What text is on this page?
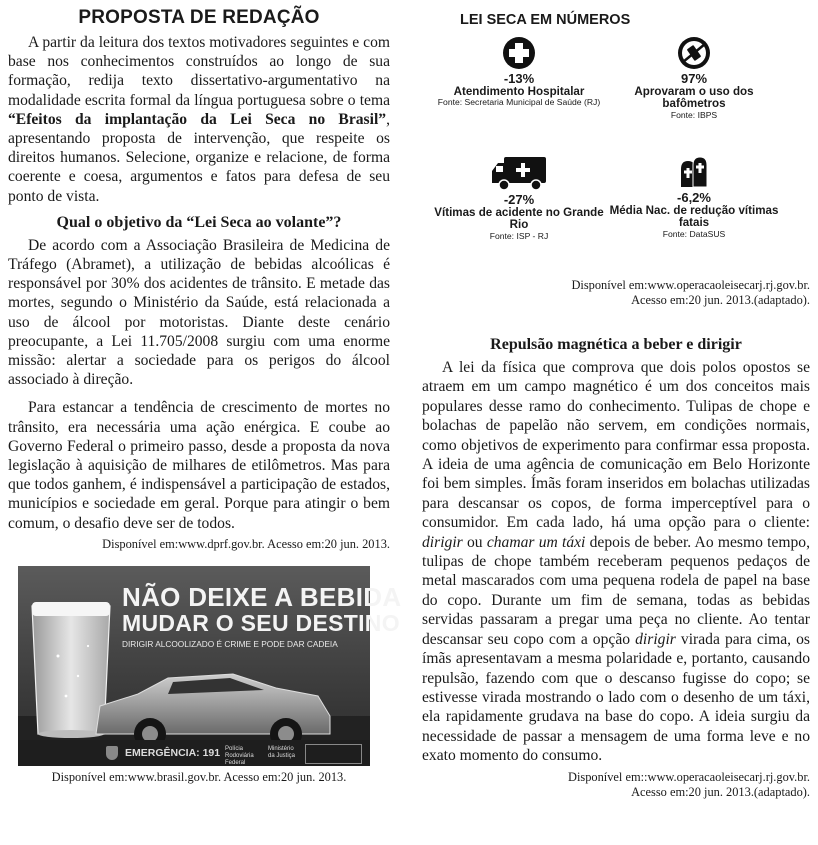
PROPOSTA DE REDAÇÃO

A partir da leitura dos textos motivadores seguintes e com base nos conhecimentos construídos ao longo de sua formação, redija texto dissertativo-argumentativo na modalidade escrita formal da língua portuguesa sobre o tema “Efeitos da implantação da Lei Seca no Brasil”, apresentando proposta de intervenção, que respeite os direitos humanos. Selecione, organize e relacione, de forma coerente e coesa, argumentos e fatos para defesa de seu ponto de vista.

Qual o objetivo da “Lei Seca ao volante”?

De acordo com a Associação Brasileira de Medicina de Tráfego (Abramet), a utilização de bebidas alcoólicas é responsável por 30% dos acidentes de trânsito. E metade das mortes, segundo o Ministério da Saúde, está relacionada a uso de álcool por motoristas. Diante deste cenário preocupante, a Lei 11.705/2008 surgiu com uma enorme missão: alertar a sociedade para os perigos do álcool associado à direção.

Para estancar a tendência de crescimento de mortes no trânsito, era necessária uma ação enérgica. E coube ao Governo Federal o primeiro passo, desde a proposta da nova legislação à aquisição de milhares de etilômetros. Mas para que todos ganhem, é indispensável a participação de estados, municípios e sociedade em geral. Porque para atingir o bem comum, o desafio deve ser de todos.

Disponível em:www.dprf.gov.br. Acesso em:20 jun. 2013.

NÃO DEIXE A BEBIDA
MUDAR O SEU DESTINO
DIRIGIR ALCOOLIZADO É CRIME E PODE DAR CADEIA
EMERGÊNCIA: 191 Polícia Rodoviária Federal
Ministério da Justiça

Disponível em:www.brasil.gov.br. Acesso em:20 jun. 2013.

LEI SECA EM NÚMEROS
-13%
Atendimento Hospitalar
Fonte: Secretaria Municipal de Saúde (RJ)
97%
Aprovaram o uso dos bafômetros
Fonte: IBPS
-27%
Vítimas de acidente no Grande Rio
Fonte: ISP - RJ
-6,2%
Média Nac. de redução vítimas fatais
Fonte: DataSUS

Disponível em:www.operacaoleisecarj.rj.gov.br.
Acesso em:20 jun. 2013.(adaptado).

Repulsão magnética a beber e dirigir

A lei da física que comprova que dois polos opostos se atraem em um campo magnético é um dos conceitos mais populares desse ramo do conhecimento. Tulipas de chope e bolachas de papelão não servem, em condições normais, como objetivos de experimento para confirmar essa proposta. A ideia de uma agência de comunicação em Belo Horizonte foi bem simples. Ímãs foram inseridos em bolachas utilizadas para descansar os copos, de forma imperceptível para o consumidor. Em cada lado, há uma opção para o cliente: dirigir ou chamar um táxi depois de beber. Ao mesmo tempo, tulipas de chope também receberam pequenos pedaços de metal mascarados com uma pequena rodela de papel na base do copo. Durante um fim de semana, todas as bebidas servidas passaram a pregar uma peça no cliente. Ao tentar descansar seu copo com a opção dirigir virada para cima, os ímãs apresentavam a mesma polaridade e, portanto, causando repulsão, fazendo com que o descanso fugisse do copo; se estivesse virada mostrando o lado com o desenho de um táxi, ela rapidamente grudava na base do copo. A ideia surgiu da necessidade de passar a mensagem de uma forma leve e no exato momento do consumo.

Disponível em::www.operacaoleisecarj.rj.gov.br.
Acesso em:20 jun. 2013.(adaptado).
